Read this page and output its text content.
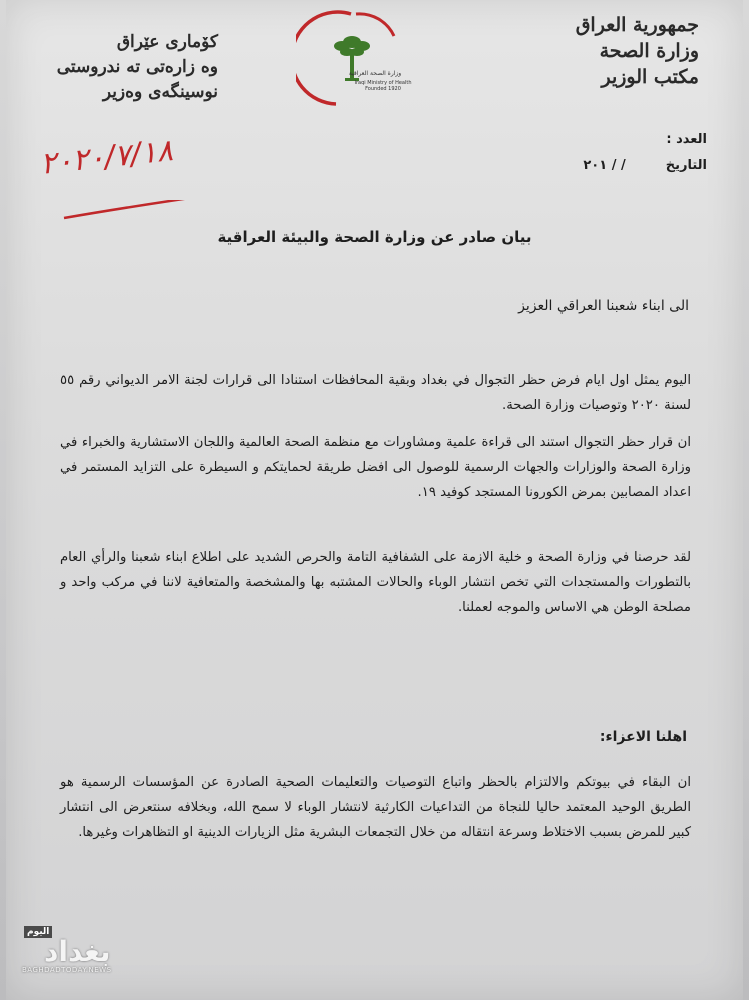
جمهورية العراق
وزارة الصحة
مكتب الوزير
كۆماری عێراق
وه زارەتی تە ندروستی
نوسینگەی وەزیر
وزارة الصحة العراقية
Iraqi Ministry of Health
Founded 1920
العدد :
التاريخ
/ / ٢٠١
٢٠٢٠/٧/١٨
بيان صادر عن وزارة الصحة والبيئة العراقية
الى ابناء شعبنا العراقي العزيز
اليوم يمثل اول ايام فرض حظر التجوال في بغداد وبقية المحافظات استنادا الى قرارات لجنة الامر الديواني رقم ٥٥ لسنة ٢٠٢٠ وتوصيات وزارة الصحة.
ان قرار حظر التجوال استند الى قراءة علمية ومشاورات مع منظمة الصحة العالمية واللجان الاستشارية والخبراء في وزارة الصحة والوزارات والجهات الرسمية للوصول الى افضل طريقة لحمايتكم و السيطرة على التزايد المستمر في اعداد المصابين بمرض الكورونا المستجد كوفيد ١٩.
لقد حرصنا في وزارة الصحة و خلية الازمة على الشفافية التامة والحرص الشديد على اطلاع ابناء شعبنا والرأي العام بالتطورات والمستجدات التي تخص انتشار الوباء والحالات المشتبه بها والمشخصة والمتعافية لاننا في مركب واحد و مصلحة الوطن هي الاساس والموجه لعملنا.
اهلنا الاعزاء:
ان البقاء في بيوتكم والالتزام بالحظر واتباع التوصيات والتعليمات الصحية الصادرة عن المؤسسات الرسمية هو الطريق الوحيد المعتمد حاليا للنجاة من التداعيات الكارثية لانتشار الوباء لا سمح الله، وبخلافه سنتعرض الى انتشار كبير للمرض بسبب الاختلاط وسرعة انتقاله من خلال التجمعات البشرية مثل الزيارات الدينية او التظاهرات وغيرها.
اليوم
بغداد
BAGHDADTODAY.NEWS
